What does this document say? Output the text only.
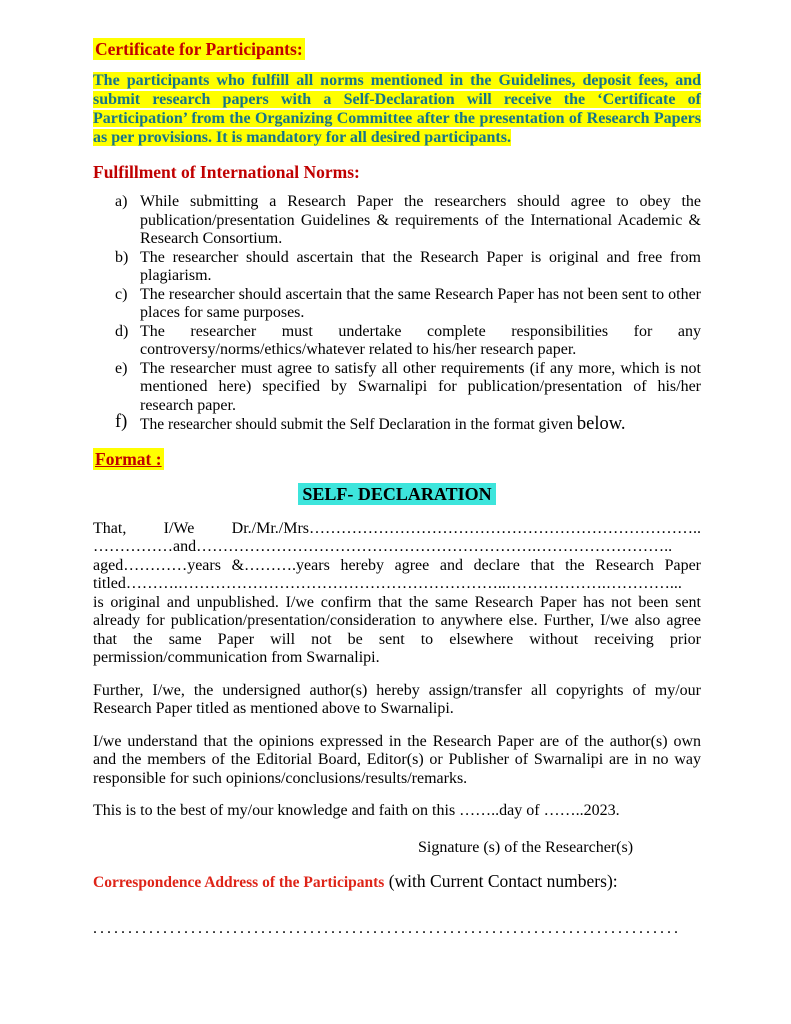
Certificate for Participants:

The participants who fulfill all norms mentioned in the Guidelines, deposit fees, and submit research papers with a Self-Declaration will receive the ‘Certificate of Participation’ from the Organizing Committee after the presentation of Research Papers as per provisions. It is mandatory for all desired participants.

Fulfillment of International Norms:
a) While submitting a Research Paper the researchers should agree to obey the publication/presentation Guidelines & requirements of the International Academic & Research Consortium.
b) The researcher should ascertain that the Research Paper is original and free from plagiarism.
c) The researcher should ascertain that the same Research Paper has not been sent to other places for same purposes.
d) The researcher must undertake complete responsibilities for any controversy/norms/ethics/whatever related to his/her research paper.
e) The researcher must agree to satisfy all other requirements (if any more, which is not mentioned here) specified by Swarnalipi for publication/presentation of his/her research paper.
f) The researcher should submit the Self Declaration in the format given below.
Format :
SELF- DECLARATION
That, I/We Dr./Mr./Mrs………………………………………………………………..
……………and……………………………………………………….……………………..
aged…………years &……….years hereby agree and declare that the Research Paper
titled……….……………………………………………………..……………….…………...
is original and unpublished. I/we confirm that the same Research Paper has not been sent
already for publication/presentation/consideration to anywhere else. Further, I/we also agree
that the same Paper will not be sent to elsewhere without receiving prior
permission/communication from Swarnalipi.

Further, I/we, the undersigned author(s) hereby assign/transfer all copyrights of my/our Research Paper titled as mentioned above to Swarnalipi.

I/we understand that the opinions expressed in the Research Paper are of the author(s) own and the members of the Editorial Board, Editor(s) or Publisher of Swarnalipi are in no way responsible for such opinions/conclusions/results/remarks.

This is to the best of my/our knowledge and faith on this ……..day of ……..2023.

Signature (s) of the Researcher(s)

Correspondence Address of the Participants (with Current Contact numbers):

....................................................................................
